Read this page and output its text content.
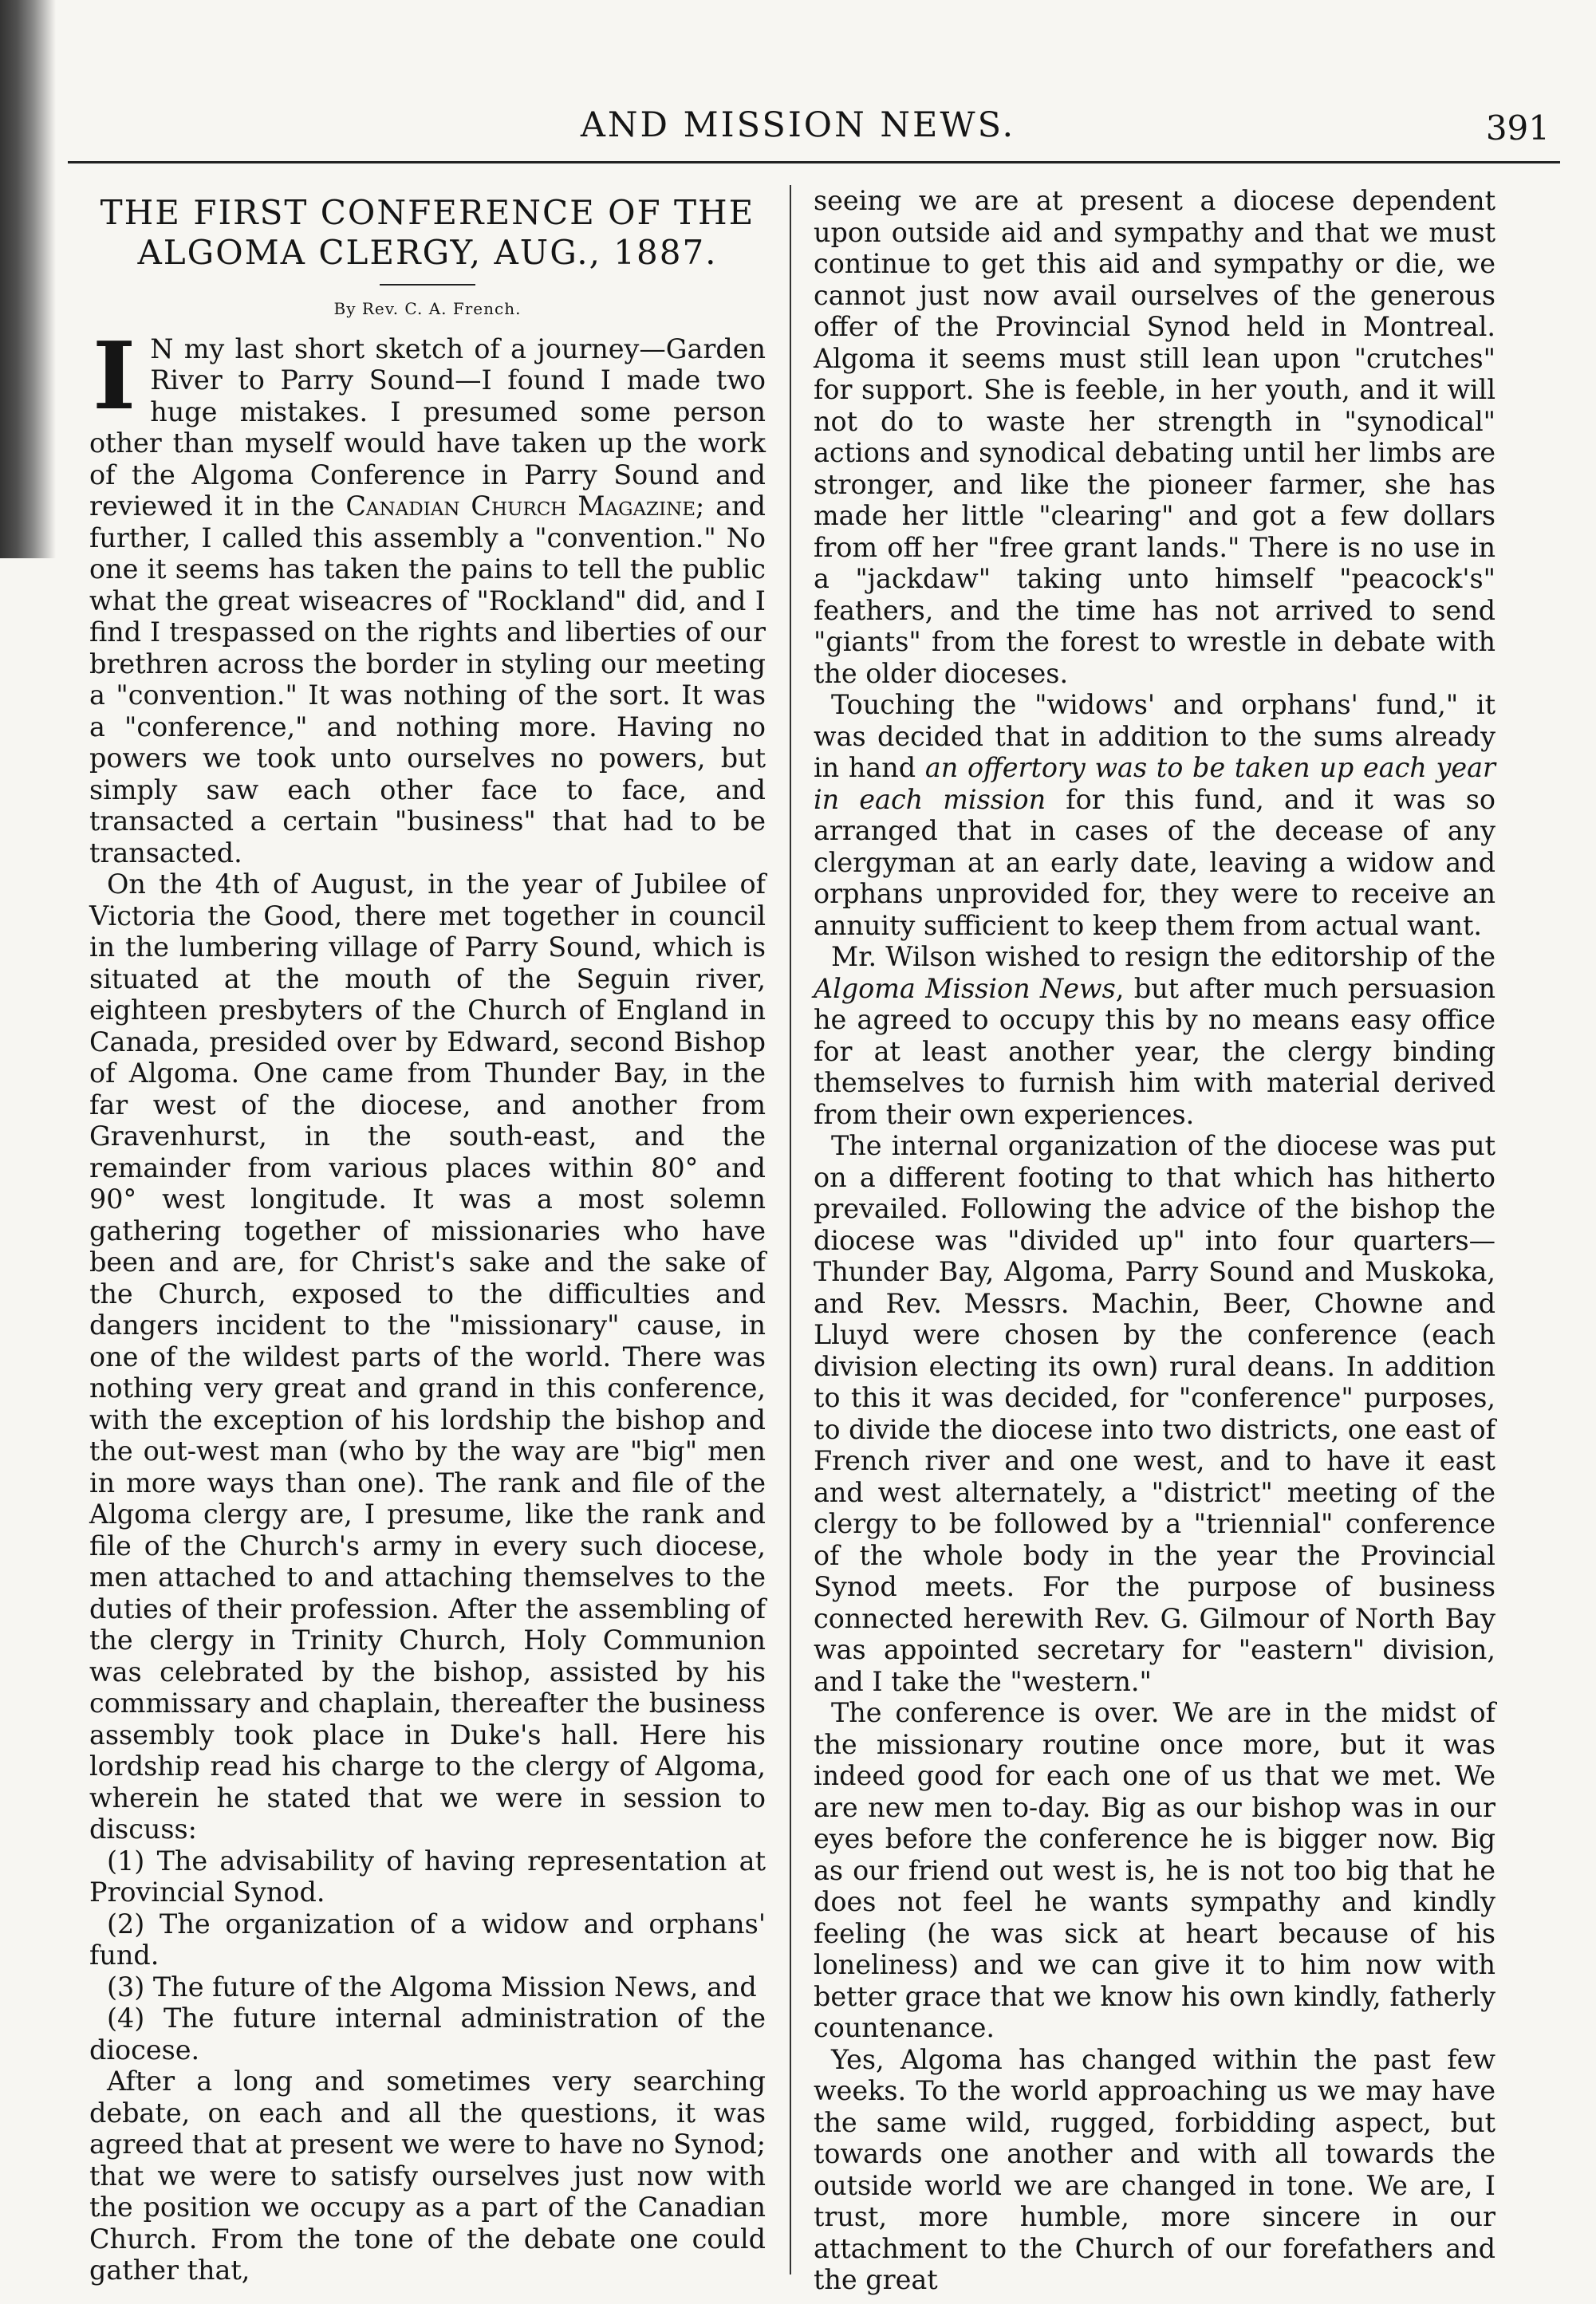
AND MISSION NEWS.	391
THE FIRST CONFERENCE OF THE
ALGOMA CLERGY, AUG., 1887.
By Rev. C. A. French.

I N my last short sketch of a journey—Garden River to Parry Sound—I found I made two huge mistakes. I presumed some person other than myself would have taken up the work of the Algoma Conference in Parry Sound and reviewed it in the Canadian Church Magazine; and further, I called this assembly a "convention." No one it seems has taken the pains to tell the public what the great wiseacres of "Rockland" did, and I find I trespassed on the rights and liberties of our brethren across the border in styling our meeting a "convention." It was nothing of the sort. It was a "conference," and nothing more. Having no powers we took unto ourselves no powers, but simply saw each other face to face, and transacted a certain "business" that had to be transacted.

On the 4th of August, in the year of Jubilee of Victoria the Good, there met together in council in the lumbering village of Parry Sound, which is situated at the mouth of the Seguin river, eighteen presbyters of the Church of England in Canada, presided over by Edward, second Bishop of Algoma. One came from Thunder Bay, in the far west of the diocese, and another from Gravenhurst, in the south-east, and the remainder from various places within 80° and 90° west longitude. It was a most solemn gathering together of missionaries who have been and are, for Christ's sake and the sake of the Church, exposed to the difficulties and dangers incident to the "missionary" cause, in one of the wildest parts of the world. There was nothing very great and grand in this conference, with the exception of his lordship the bishop and the out-west man (who by the way are "big" men in more ways than one). The rank and file of the Algoma clergy are, I presume, like the rank and file of the Church's army in every such diocese, men attached to and attaching themselves to the duties of their profession. After the assembling of the clergy in Trinity Church, Holy Communion was celebrated by the bishop, assisted by his commissary and chaplain, thereafter the business assembly took place in Duke's hall. Here his lordship read his charge to the clergy of Algoma, wherein he stated that we were in session to discuss:

(1) The advisability of having representation at Provincial Synod.

(2) The organization of a widow and orphans' fund.

(3) The future of the Algoma Mission News, and

(4) The future internal administration of the diocese.

After a long and sometimes very searching debate, on each and all the questions, it was agreed that at present we were to have no Synod; that we were to satisfy ourselves just now with the position we occupy as a part of the Canadian Church. From the tone of the debate one could gather that,

seeing we are at present a diocese dependent upon outside aid and sympathy and that we must continue to get this aid and sympathy or die, we cannot just now avail ourselves of the generous offer of the Provincial Synod held in Montreal. Algoma it seems must still lean upon "crutches" for support. She is feeble, in her youth, and it will not do to waste her strength in "synodical" actions and synodical debating until her limbs are stronger, and like the pioneer farmer, she has made her little "clearing" and got a few dollars from off her "free grant lands." There is no use in a "jackdaw" taking unto himself "peacock's" feathers, and the time has not arrived to send "giants" from the forest to wrestle in debate with the older dioceses.

Touching the "widows' and orphans' fund," it was decided that in addition to the sums already in hand an offertory was to be taken up each year in each mission for this fund, and it was so arranged that in cases of the decease of any clergyman at an early date, leaving a widow and orphans unprovided for, they were to receive an annuity sufficient to keep them from actual want.

Mr. Wilson wished to resign the editorship of the Algoma Mission News, but after much persuasion he agreed to occupy this by no means easy office for at least another year, the clergy binding themselves to furnish him with material derived from their own experiences.

The internal organization of the diocese was put on a different footing to that which has hitherto prevailed. Following the advice of the bishop the diocese was "divided up" into four quarters—Thunder Bay, Algoma, Parry Sound and Muskoka, and Rev. Messrs. Machin, Beer, Chowne and Lluyd were chosen by the conference (each division electing its own) rural deans. In addition to this it was decided, for "conference" purposes, to divide the diocese into two districts, one east of French river and one west, and to have it east and west alternately, a "district" meeting of the clergy to be followed by a "triennial" conference of the whole body in the year the Provincial Synod meets. For the purpose of business connected herewith Rev. G. Gilmour of North Bay was appointed secretary for "eastern" division, and I take the "western."

The conference is over. We are in the midst of the missionary routine once more, but it was indeed good for each one of us that we met. We are new men to-day. Big as our bishop was in our eyes before the conference he is bigger now. Big as our friend out west is, he is not too big that he does not feel he wants sympathy and kindly feeling (he was sick at heart because of his loneliness) and we can give it to him now with better grace that we know his own kindly, fatherly countenance.

Yes, Algoma has changed within the past few weeks. To the world approaching us we may have the same wild, rugged, forbidding aspect, but towards one another and with all towards the outside world we are changed in tone. We are, I trust, more humble, more sincere in our attachment to the Church of our forefathers and the great
